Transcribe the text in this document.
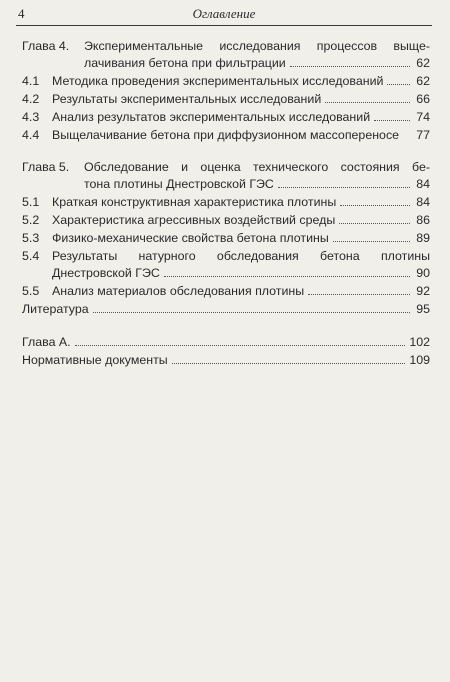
4	Оглавление
Глава 4.	Экспериментальные исследования процессов выще-
лачивания бетона при фильтрации	62
4.1	Методика проведения экспериментальных исследований	62
4.2	Результаты экспериментальных исследований	66
4.3	Анализ результатов экспериментальных исследований	74
4.4	Выщелачивание бетона при диффузионном массопереносе 77
Глава 5.	Обследование и оценка технического состояния бе-
тона плотины Днестровской ГЭС	84
5.1	Краткая конструктивная характеристика плотины	84
5.2	Характеристика агрессивных воздействий среды	86
5.3	Физико-механические свойства бетона плотины	89
5.4	Результаты натурного обследования бетона плотины
Днестровской ГЭС	90
5.5	Анализ материалов обследования плотины	92
Литература	95
Глава А.	102
Нормативные документы	109
